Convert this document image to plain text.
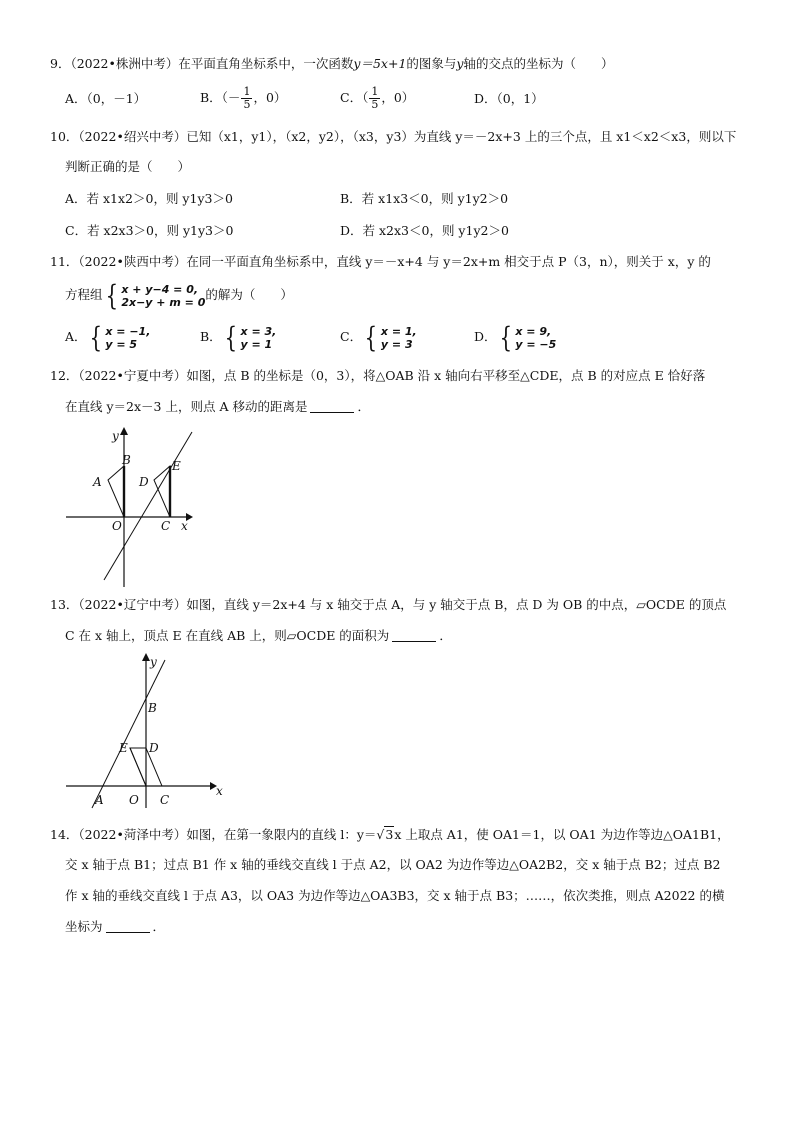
9．（2022•株洲中考）在平面直角坐标系中，一次函数y＝5x+1的图象与y轴的交点的坐标为（　　）
A．（0，－1）	B．（－ $\frac{1}{5}$ ，0）	C．（ $\frac{1}{5}$ ，0）	D．（0，1）
10．（2022•绍兴中考）已知（x1，y1），（x2，y2），（x3，y3）为直线 y＝－2x+3 上的三个点，且 x1＜x2＜x3，则以下
判断正确的是（　　）
A．若 x1x2＞0，则 y1y3＞0	B．若 x1x3＜0，则 y1y2＞0
C．若 x2x3＞0，则 y1y3＞0	D．若 x2x3＜0，则 y1y2＞0
11．（2022•陕西中考）在同一平面直角坐标系中，直线 y＝－x+4 与 y＝2x+m 相交于点 P（3，n），则关于 x，y 的
方程组 { x + y−4 = 0,
2x−y + m = 0 的解为（　　）
A． { x = −1,
y = 5	B． { x = 3,
y = 1	C． { x = 1,
y = 3	D． { x = 9,
y = −5
12．（2022•宁夏中考）如图，点 B 的坐标是（0，3），将△OAB 沿 x 轴向右平移至△CDE，点 B 的对应点 E 恰好落
在直线 y＝2x－3 上，则点 A 移动的距离是	．
y
x
A
B
O
D
E
C
13．（2022•辽宁中考）如图，直线 y＝2x+4 与 x 轴交于点 A，与 y 轴交于点 B，点 D 为 OB 的中点，▱OCDE 的顶点
C 在 x 轴上，顶点 E 在直线 AB 上，则▱OCDE 的面积为	．
y
x
B
E D
A O C
14．（2022•菏泽中考）如图，在第一象限内的直线 l：y＝√3x 上取点 A1，使 OA1＝1，以 OA1 为边作等边△OA1B1，
交 x 轴于点 B1；过点 B1 作 x 轴的垂线交直线 l 于点 A2，以 OA2 为边作等边△OA2B2，交 x 轴于点 B2；过点 B2
作 x 轴的垂线交直线 l 于点 A3，以 OA3 为边作等边△OA3B3，交 x 轴于点 B3；……，依次类推，则点 A2022 的横
坐标为	．
